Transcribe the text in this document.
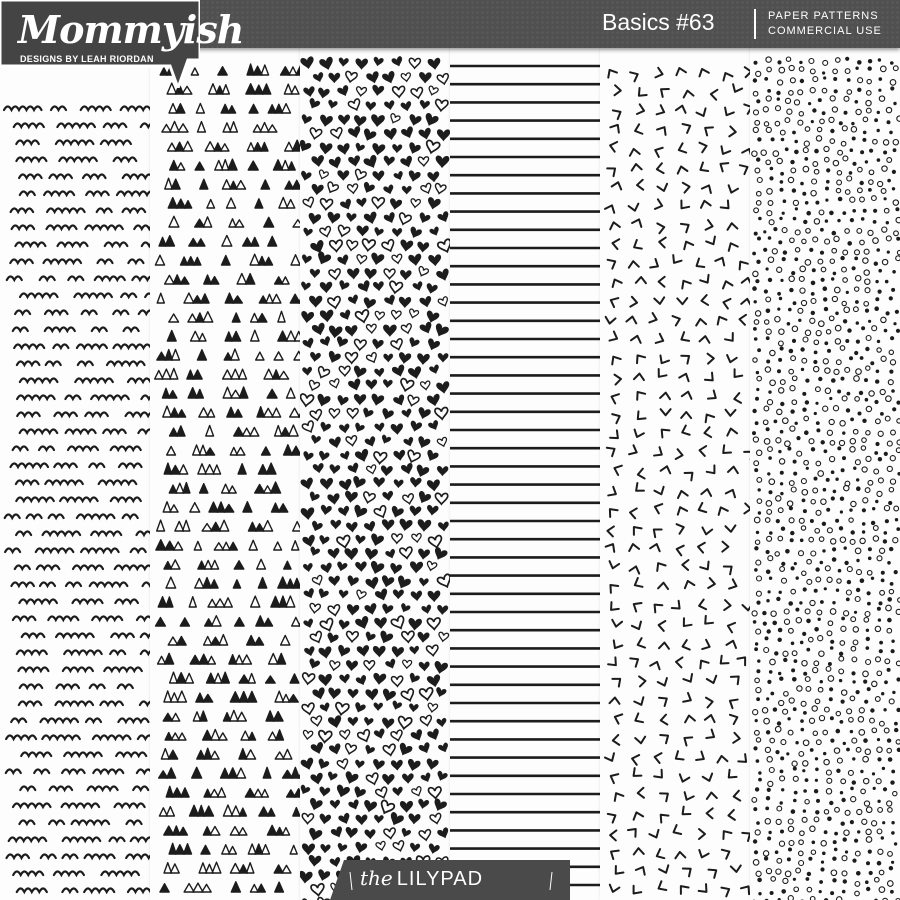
Mommyish
DESIGNS BY LEAH RIORDAN
Basics #63	PAPER PATTERNS
COMMERCIAL USE
the LILYPAD
